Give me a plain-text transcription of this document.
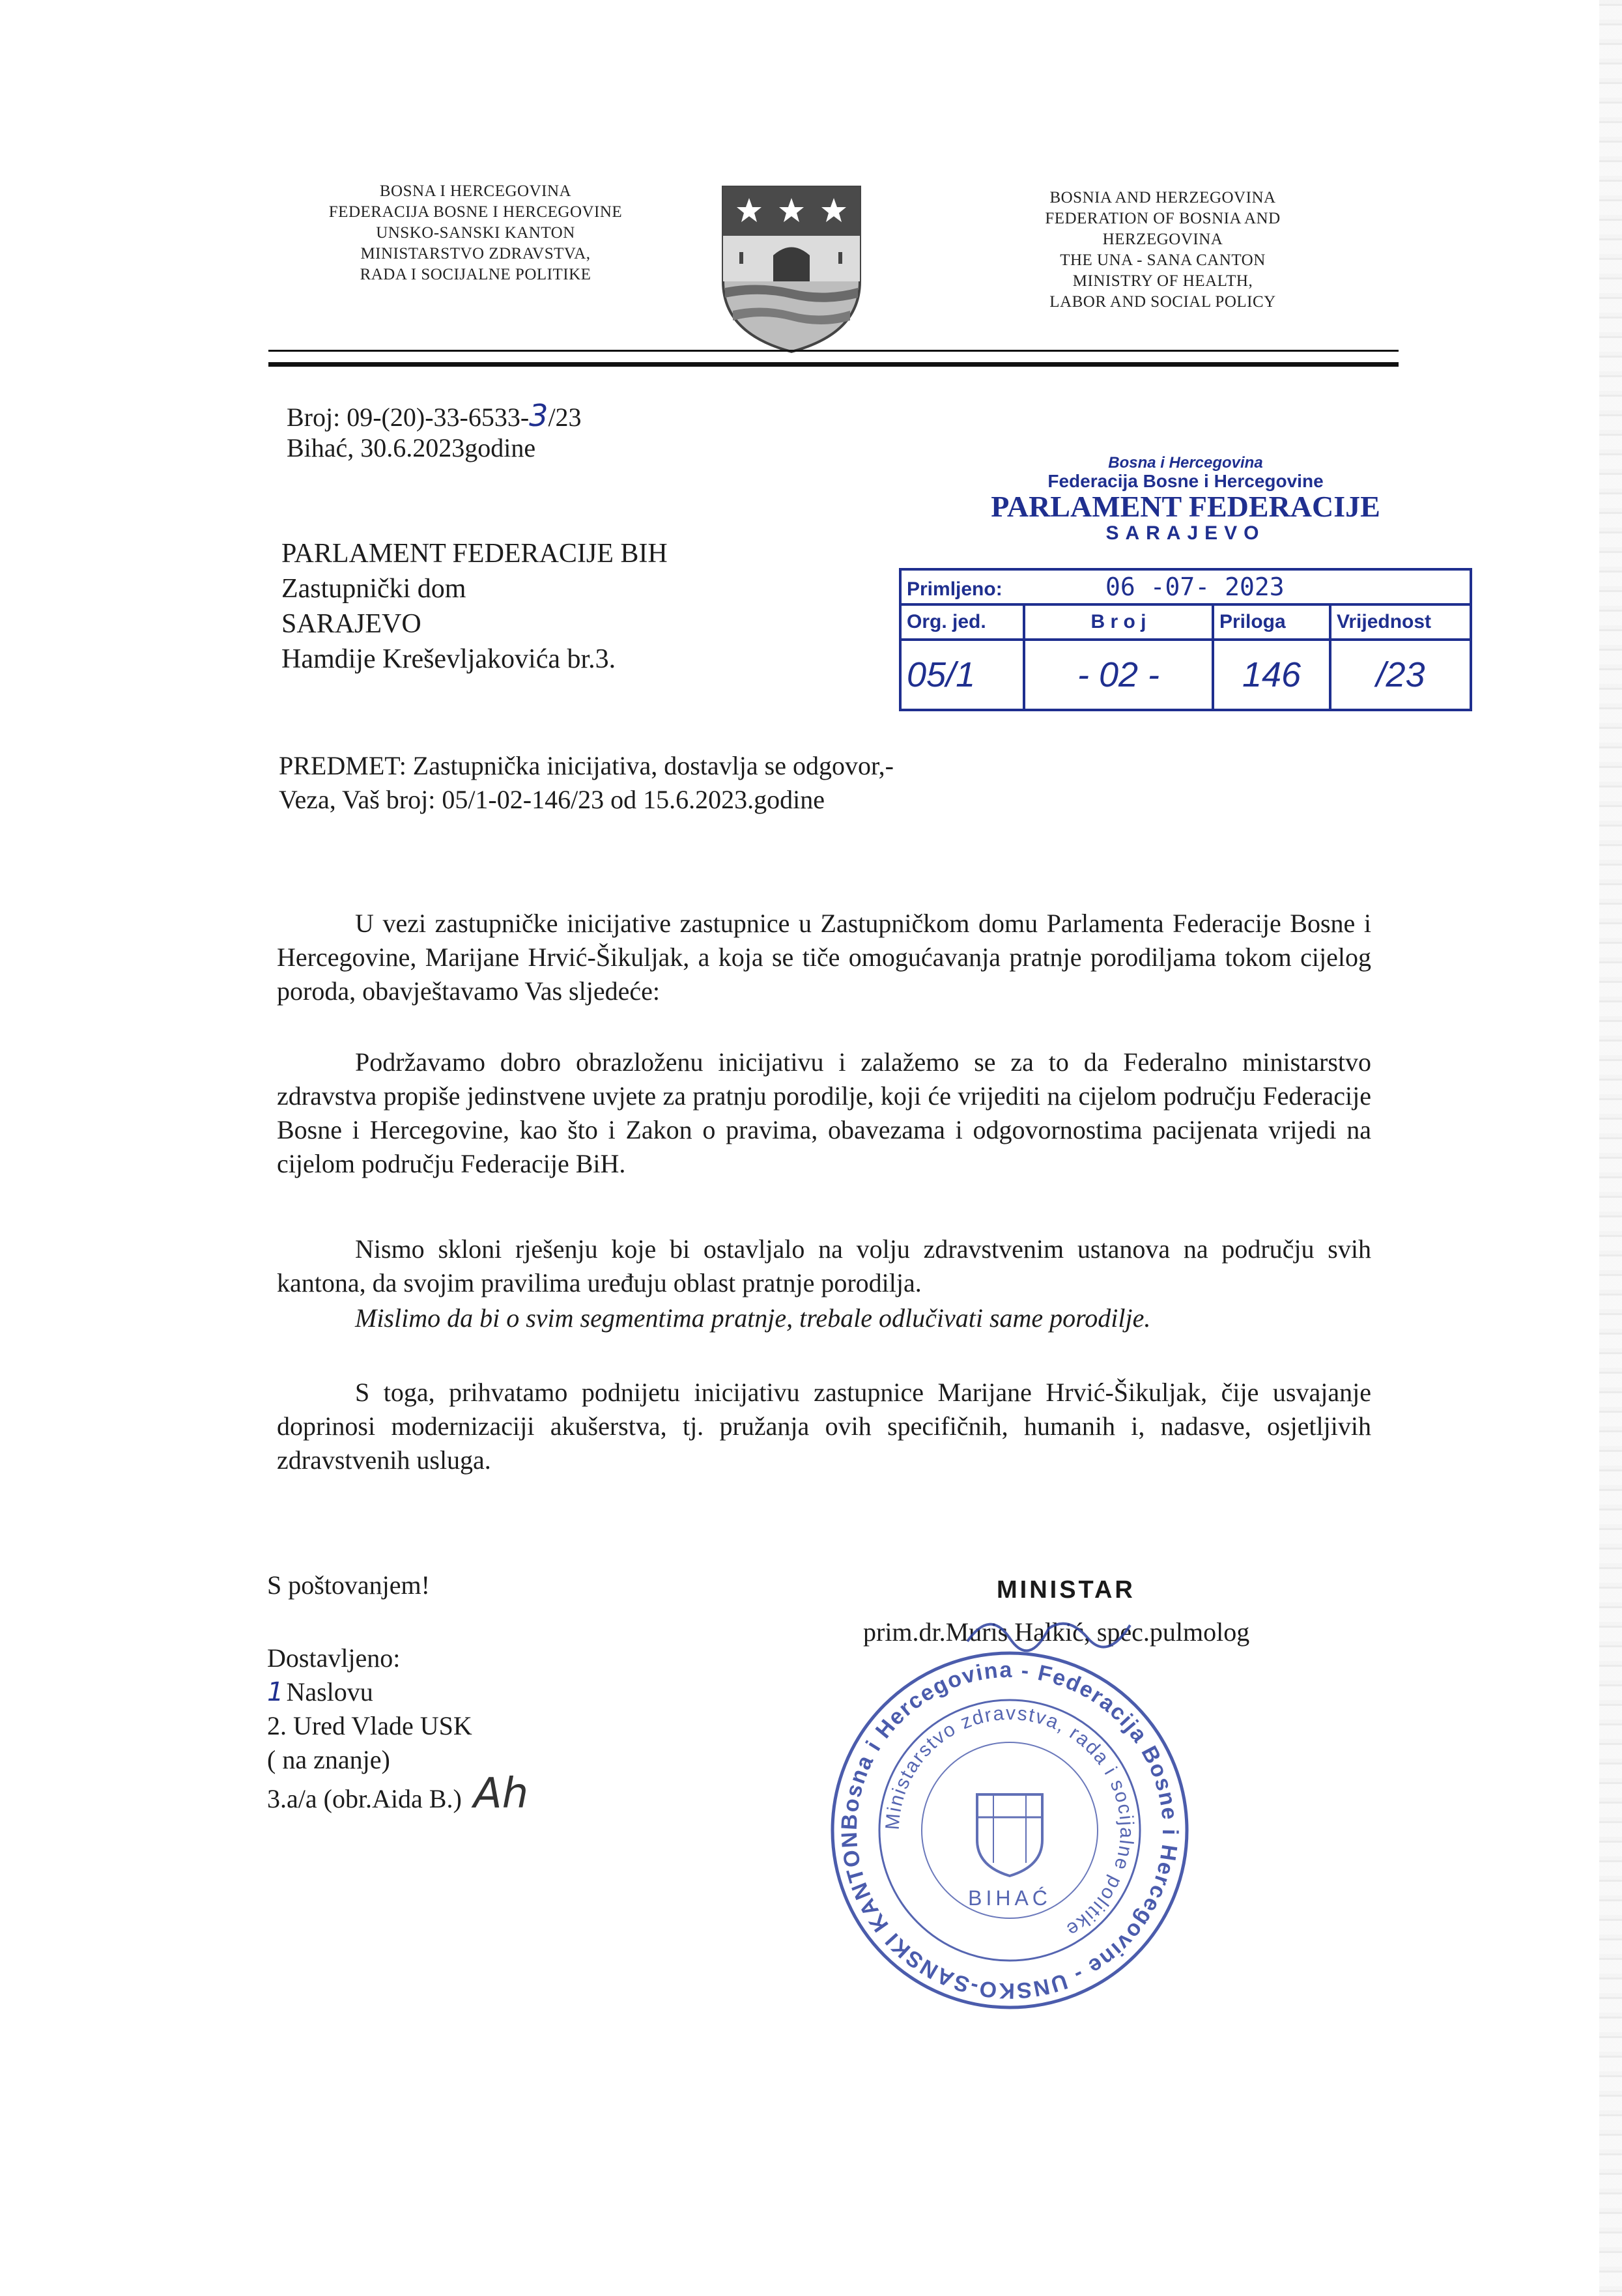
BOSNA I HERCEGOVINA
FEDERACIJA BOSNE I HERCEGOVINE
UNSKO-SANSKI KANTON
MINISTARSTVO ZDRAVSTVA,
RADA I SOCIJALNE POLITIKE
BOSNIA AND HERZEGOVINA
FEDERATION OF BOSNIA AND
HERZEGOVINA
THE UNA - SANA CANTON
MINISTRY OF HEALTH,
LABOR AND SOCIAL POLICY
Broj: 09-(20)-33-6533-3/23
Bihać, 30.6.2023godine
PARLAMENT FEDERACIJE BIH
Zastupnički dom
SARAJEVO
Hamdije Kreševljakovića br.3.
Bosna i Hercegovina
Federacija Bosne i Hercegovine
PARLAMENT FEDERACIJE
SARAJEVO
Primljeno: 06 -07- 2023			
Org. jed.	B r o j	Priloga	Vrijednost
05/1	- 02 -	146	/23
PREDMET: Zastupnička inicijativa, dostavlja se odgovor,-
Veza, Vaš broj: 05/1-02-146/23 od 15.6.2023.godine
U vezi zastupničke inicijative zastupnice u Zastupničkom domu Parlamenta Federacije Bosne i Hercegovine, Marijane Hrvić-Šikuljak, a koja se tiče omogućavanja pratnje porodiljama tokom cijelog poroda, obavještavamo Vas sljedeće:
Podržavamo dobro obrazloženu inicijativu i zalažemo se za to da Federalno ministarstvo zdravstva propiše jedinstvene uvjete za pratnju porodilje, koji će vrijediti na cijelom području Federacije Bosne i Hercegovine, kao što i Zakon o pravima, obavezama i odgovornostima pacijenata vrijedi na cijelom području Federacije BiH.
Nismo skloni rješenju koje bi ostavljalo na volju zdravstvenim ustanova na području svih kantona, da svojim pravilima uređuju oblast pratnje porodilja.
Mislimo da bi o svim segmentima pratnje, trebale odlučivati same porodilje.
S toga, prihvatamo podnijetu inicijativu zastupnice Marijane Hrvić-Šikuljak, čije usvajanje doprinosi modernizaciji akušerstva, tj. pružanja ovih specifičnih, humanih i, nadasve, osjetljivih zdravstvenih usluga.
S poštovanjem!
Dostavljeno:
1 Naslovu
2. Ured Vlade USK
( na znanje)
3.a/a (obr.Aida B.) Ah
MINISTAR
prim.dr.Muris Halkić, spec.pulmolog
Bosna i Hercegovina - Federacija Bosne i Hercegovine - UNSKO-SANSKI KANTON
Ministarstvo zdravstva, rada i socijalne politike
BIHAĆ
